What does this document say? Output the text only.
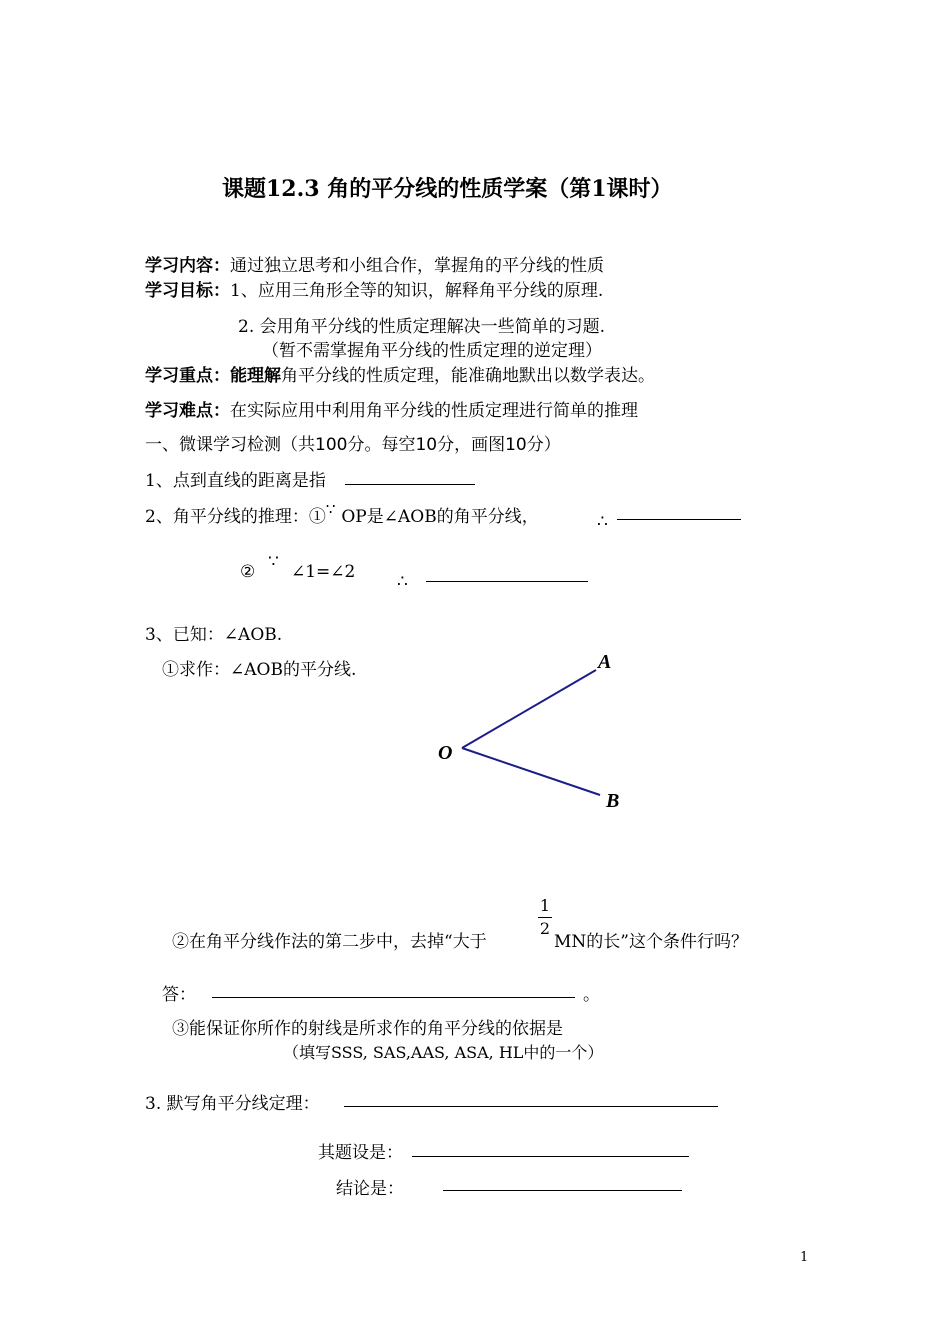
课题12.3 角的平分线的性质学案（第1课时）
学习内容：通过独立思考和小组合作，掌握角的平分线的性质
学习目标：1、应用三角形全等的知识，解释角平分线的原理.
2. 会用角平分线的性质定理解决一些简单的习题.
（暂不需掌握角平分线的性质定理的逆定理）
学习重点：能理解角平分线的性质定理，能准确地默出以数学表达。
学习难点：在实际应用中利用角平分线的性质定理进行简单的推理
一、微课学习检测（共100分。每空10分，画图10分）
1、点到直线的距离是指
2、角平分线的推理：①∵ OP是∠AOB的角平分线，	∴
② ∵ ∠1=∠2 ∴
3、已知：∠AOB.
①求作：∠AOB的平分线.	A
O
B
②在角平分线作法的第二步中，去掉“大于
1
2
MN的长”这个条件行吗？
答：	。
③能保证你所作的射线是所求作的角平分线的依据是
（填写SSS, SAS,AAS, ASA, HL中的一个）
3. 默写角平分线定理：
其题设是：
结论是：
1
